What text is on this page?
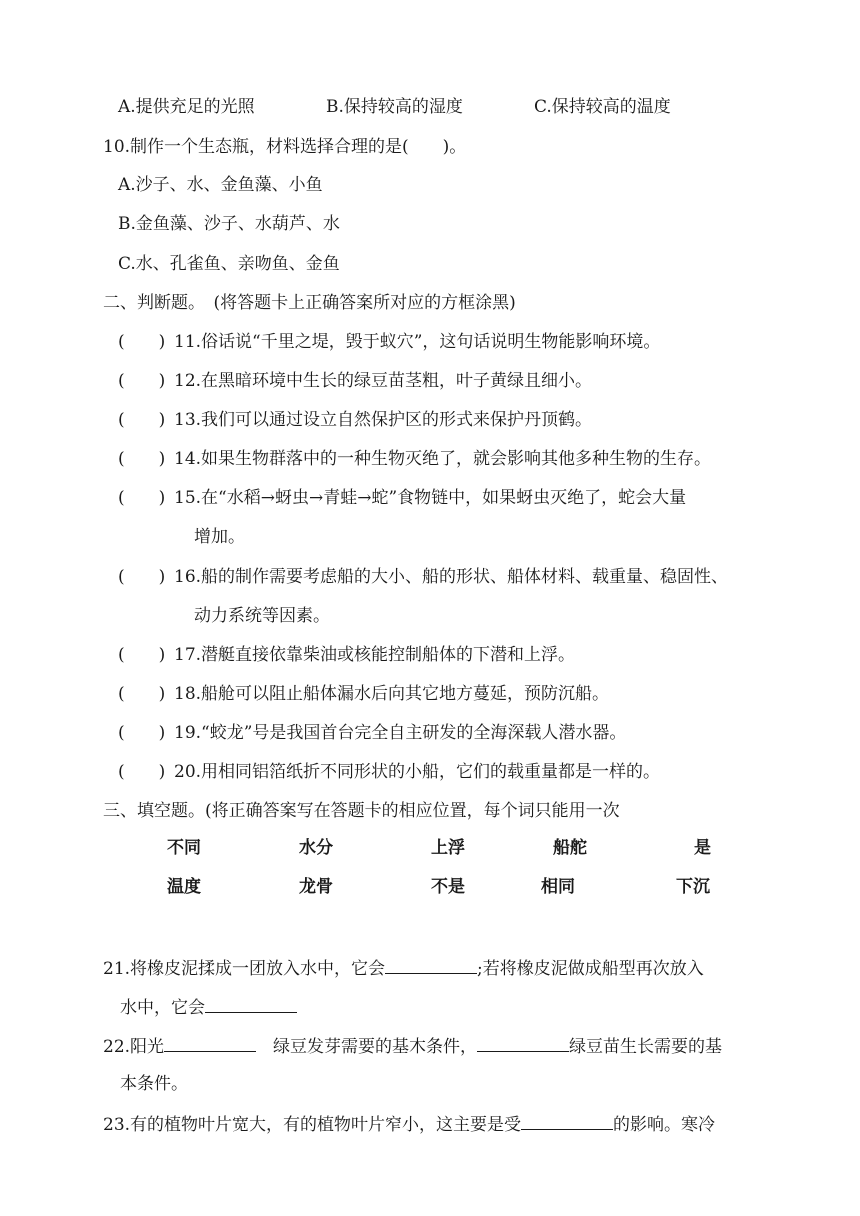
A.提供充足的光照	B.保持较高的湿度	C.保持较高的温度
10.制作一个生态瓶，材料选择合理的是(　　)。
A.沙子、水、金鱼藻、小鱼
B.金鱼藻、沙子、水葫芦、水
C.水、孔雀鱼、亲吻鱼、金鱼
二、判断题。　(将答题卡上正确答案所对应的方框涂黑)
(　　) 11.俗话说“千里之堤，毁于蚁穴”，这句话说明生物能影响环境。
(　　) 12.在黑暗环境中生长的绿豆苗茎粗，叶子黄绿且细小。
(　　) 13.我们可以通过设立自然保护区的形式来保护丹顶鹤。
(　　) 14.如果生物群落中的一种生物灭绝了，就会影响其他多种生物的生存。
(　　) 15.在“水稻→蚜虫→青蛙→蛇”食物链中，如果蚜虫灭绝了，蛇会大量
增加。
(　　) 16.船的制作需要考虑船的大小、船的形状、船体材料、载重量、稳固性、
动力系统等因素。
(　　) 17.潜艇直接依靠柴油或核能控制船体的下潜和上浮。
(　　) 18.船舱可以阻止船体漏水后向其它地方蔓延，预防沉船。
(　　) 19.“蛟龙”号是我国首台完全自主研发的全海深载人潜水器。
(　　) 20.用相同铝箔纸折不同形状的小船，它们的载重量都是一样的。
三、填空题。(将正确答案写在答题卡的相应位置，每个词只能用一次
不同	水分	上浮	船舵	是
温度	龙骨	不是	相同	下沉
21.将橡皮泥揉成一团放入水中，它会	;若将橡皮泥做成船型再次放入
水中，它会
22.阳光　	绿豆发芽需要的基木条件，	绿豆苗生长需要的基
本条件。
23.有的植物叶片宽大，有的植物叶片窄小，这主要是受	的影响。寒冷
